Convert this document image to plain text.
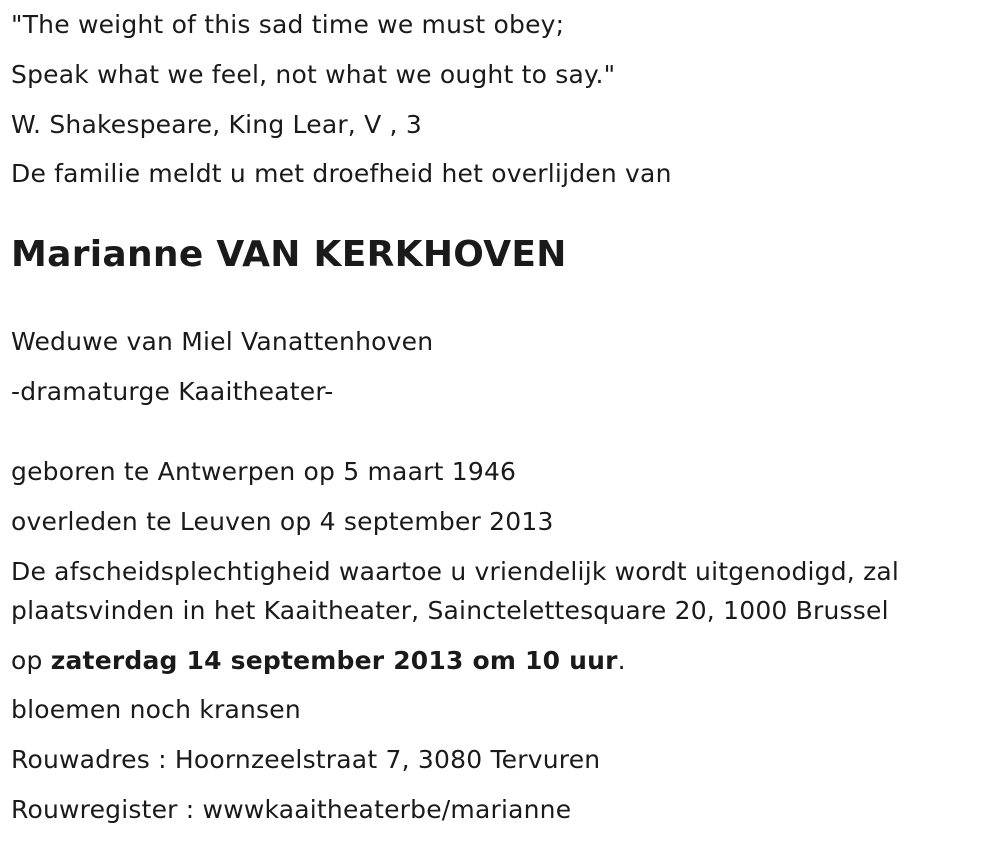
"The weight of this sad time we must obey;
Speak what we feel, not what we ought to say."
W. Shakespeare, King Lear, V , 3
De familie meldt u met droefheid het overlijden van
Marianne VAN KERKHOVEN
Weduwe van Miel Vanattenhoven
-dramaturge Kaaitheater-
geboren te Antwerpen op 5 maart 1946
overleden te Leuven op 4 september 2013
De afscheidsplechtigheid waartoe u vriendelijk wordt uitgenodigd, zal plaatsvinden in het Kaaitheater, Sainctelettesquare 20, 1000 Brussel
op zaterdag 14 september 2013 om 10 uur.
bloemen noch kransen
Rouwadres : Hoornzeelstraat 7, 3080 Tervuren
Rouwregister : wwwkaaitheaterbe/marianne
